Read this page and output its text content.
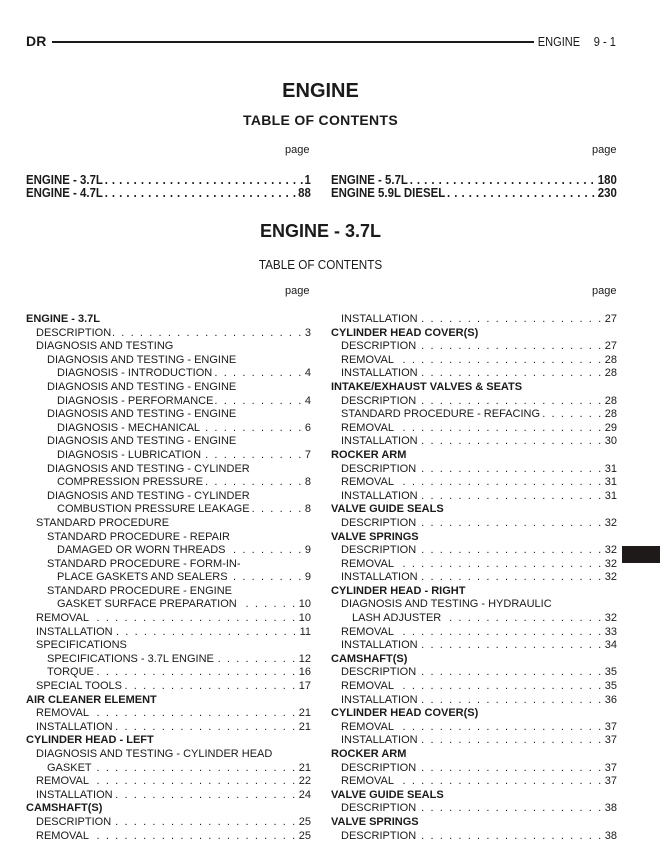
DR	ENGINE 9 - 1
ENGINE
TABLE OF CONTENTS
page	page
ENGINE - 3.7L . . .	1
ENGINE - 4.7L . . .	88
ENGINE - 5.7L . . .	180
ENGINE 5.9L DIESEL . . .	230
ENGINE - 3.7L
TABLE OF CONTENTS
page	page
ENGINE - 3.7L
DESCRIPTION . . .	3
DIAGNOSIS AND TESTING
DIAGNOSIS AND TESTING - ENGINE
DIAGNOSIS - INTRODUCTION . . .	4
DIAGNOSIS AND TESTING - ENGINE
DIAGNOSIS - PERFORMANCE . . .	4
DIAGNOSIS AND TESTING - ENGINE
DIAGNOSIS - MECHANICAL . . .	6
DIAGNOSIS AND TESTING - ENGINE
DIAGNOSIS - LUBRICATION . . .	7
DIAGNOSIS AND TESTING - CYLINDER
COMPRESSION PRESSURE . . .	8
DIAGNOSIS AND TESTING - CYLINDER
COMBUSTION PRESSURE LEAKAGE . . .	8
STANDARD PROCEDURE
STANDARD PROCEDURE - REPAIR
DAMAGED OR WORN THREADS . . .	9
STANDARD PROCEDURE - FORM-IN-
PLACE GASKETS AND SEALERS . . .	9
STANDARD PROCEDURE - ENGINE
GASKET SURFACE PREPARATION . . .	10
REMOVAL . . .	10
INSTALLATION . . .	11
SPECIFICATIONS
SPECIFICATIONS - 3.7L ENGINE . . .	12
TORQUE . . .	16
SPECIAL TOOLS . . .	17
AIR CLEANER ELEMENT
REMOVAL . . .	21
INSTALLATION . . .	21
CYLINDER HEAD - LEFT
DIAGNOSIS AND TESTING - CYLINDER HEAD
GASKET . . .	21
REMOVAL . . .	22
INSTALLATION . . .	24
CAMSHAFT(S)
DESCRIPTION . . .	25
REMOVAL . . .	25
INSTALLATION . . .	27
CYLINDER HEAD COVER(S)
DESCRIPTION . . .	27
REMOVAL . . .	28
INSTALLATION . . .	28
INTAKE/EXHAUST VALVES & SEATS
DESCRIPTION . . .	28
STANDARD PROCEDURE - REFACING . . .	28
REMOVAL . . .	29
INSTALLATION . . .	30
ROCKER ARM
DESCRIPTION . . .	31
REMOVAL . . .	31
INSTALLATION . . .	31
VALVE GUIDE SEALS
DESCRIPTION . . .	32
VALVE SPRINGS
DESCRIPTION . . .	32
REMOVAL . . .	32
INSTALLATION . . .	32
CYLINDER HEAD - RIGHT
DIAGNOSIS AND TESTING - HYDRAULIC
LASH ADJUSTER . . .	32
REMOVAL . . .	33
INSTALLATION . . .	34
CAMSHAFT(S)
DESCRIPTION . . .	35
REMOVAL . . .	35
INSTALLATION . . .	36
CYLINDER HEAD COVER(S)
REMOVAL . . .	37
INSTALLATION . . .	37
ROCKER ARM
DESCRIPTION . . .	37
REMOVAL . . .	37
VALVE GUIDE SEALS
DESCRIPTION . . .	38
VALVE SPRINGS
DESCRIPTION . . .	38
